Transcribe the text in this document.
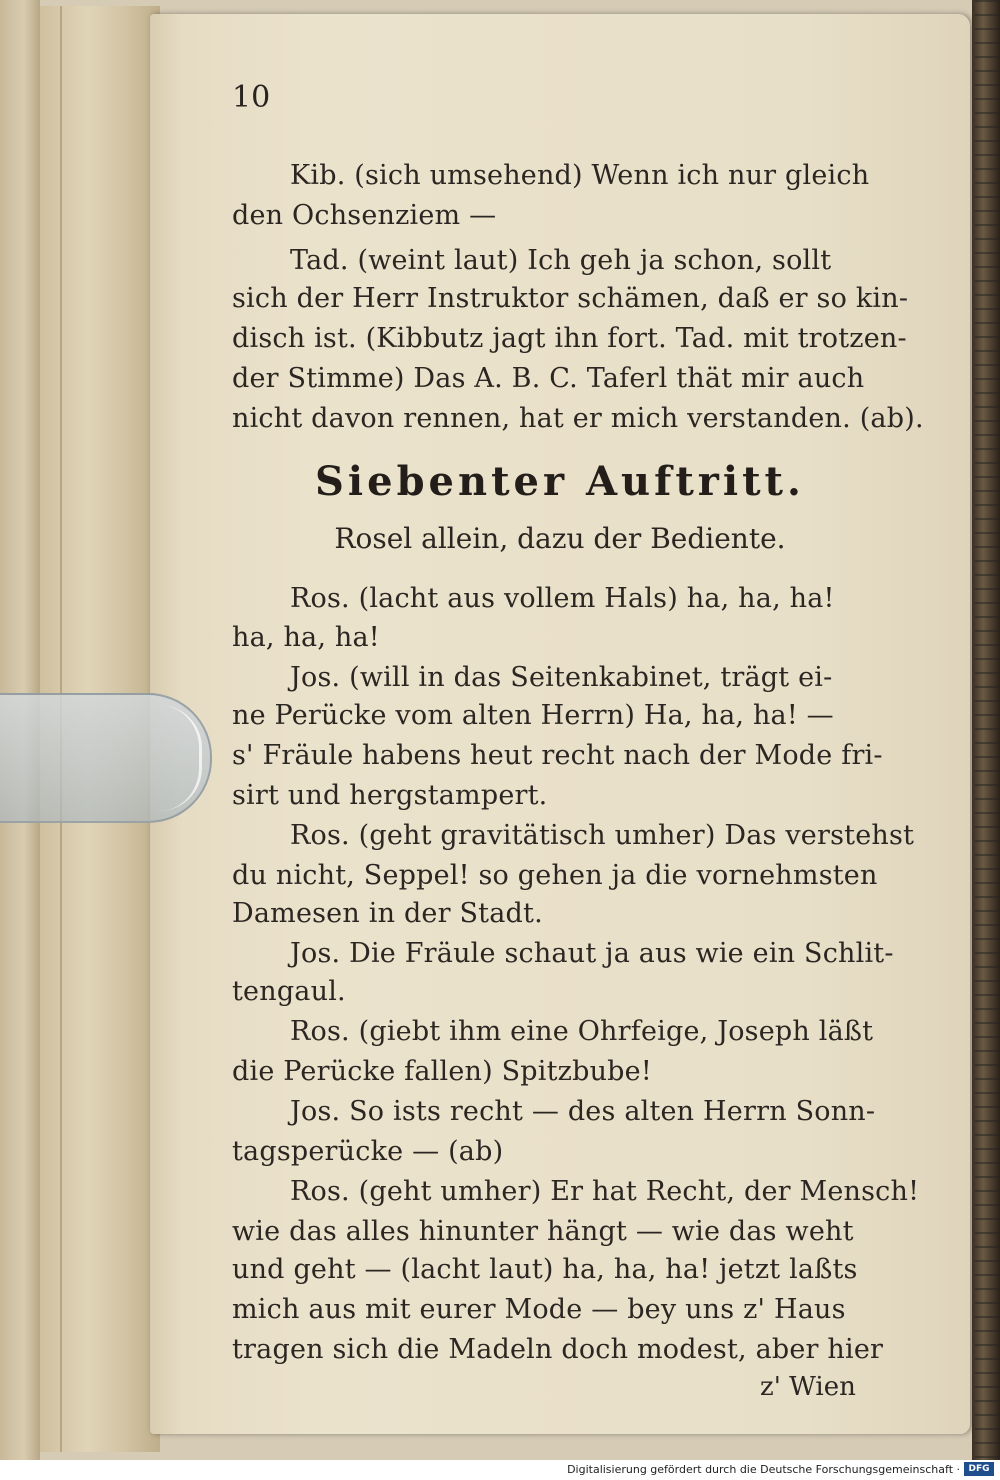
10
Kib. (sich umsehend) Wenn ich nur gleich
den Ochsenziem —
Tad. (weint laut) Ich geh ja schon, sollt
sich der Herr Instruktor schämen, daß er so kin-
disch ist. (Kibbutz jagt ihn fort. Tad. mit trotzen-
der Stimme) Das A. B. C. Taferl thät mir auch
nicht davon rennen, hat er mich verstanden. (ab).
Siebenter Auftritt.
Rosel allein, dazu der Bediente.
Ros. (lacht aus vollem Hals) ha, ha, ha!
ha, ha, ha!
Jos. (will in das Seitenkabinet, trägt ei-
ne Perücke vom alten Herrn) Ha, ha, ha! —
s' Fräule habens heut recht nach der Mode fri-
sirt und hergstampert.
Ros. (geht gravitätisch umher) Das verstehst
du nicht, Seppel! so gehen ja die vornehmsten
Damesen in der Stadt.
Jos. Die Fräule schaut ja aus wie ein Schlit-
tengaul.
Ros. (giebt ihm eine Ohrfeige, Joseph läßt
die Perücke fallen) Spitzbube!
Jos. So ists recht — des alten Herrn Sonn-
tagsperücke — (ab)
Ros. (geht umher) Er hat Recht, der Mensch!
wie das alles hinunter hängt — wie das weht
und geht — (lacht laut) ha, ha, ha! jetzt laßts
mich aus mit eurer Mode — bey uns z' Haus
tragen sich die Madeln doch modest, aber hier
z' Wien
Digitalisierung gefördert durch die Deutsche Forschungsgemeinschaft · DFG
